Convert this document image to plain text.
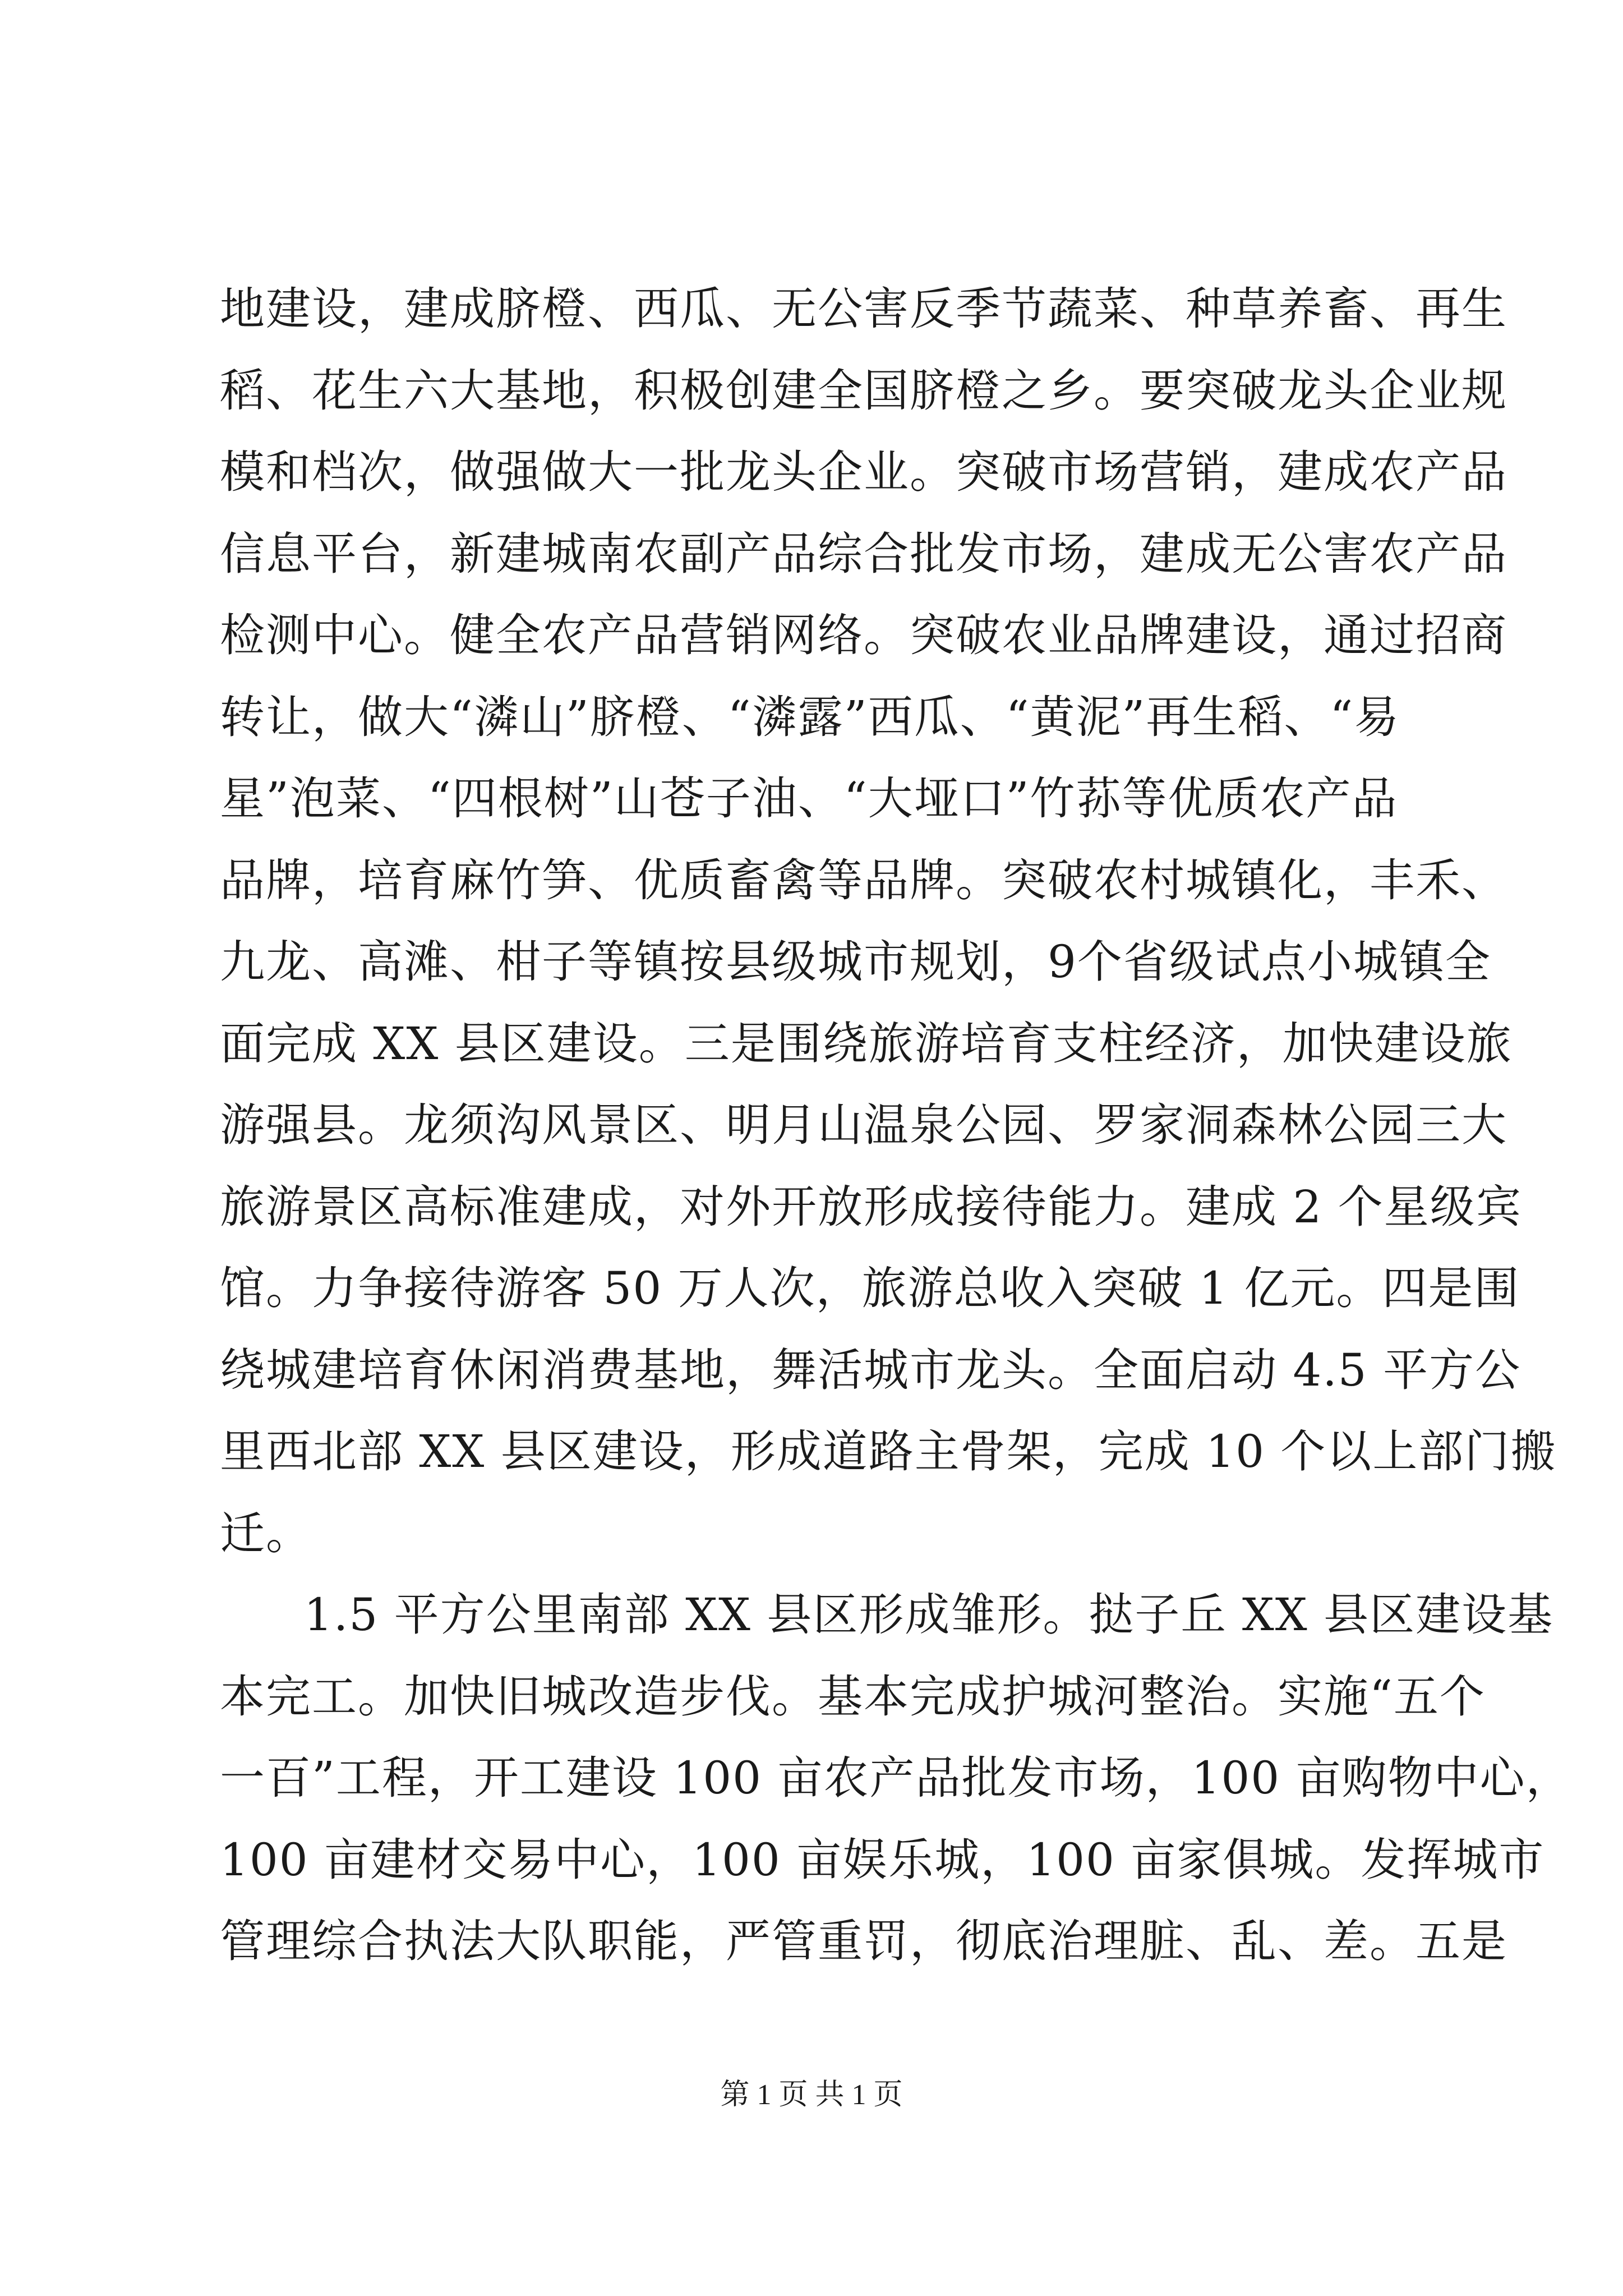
地建设，建成脐橙、西瓜、无公害反季节蔬菜、种草养畜、再生
稻、花生六大基地，积极创建全国脐橙之乡。要突破龙头企业规
模和档次，做强做大一批龙头企业。突破市场营销，建成农产品
信息平台，新建城南农副产品综合批发市场，建成无公害农产品
检测中心。健全农产品营销网络。突破农业品牌建设，通过招商
转让，做大“潾山”脐橙、“潾露”西瓜、“黄泥”再生稻、“易
星”泡菜、“四根树”山苍子油、“大垭口”竹荪等优质农产品
品牌，培育麻竹笋、优质畜禽等品牌。突破农村城镇化，丰禾、
九龙、高滩、柑子等镇按县级城市规划，9个省级试点小城镇全
面完成 XX 县区建设。三是围绕旅游培育支柱经济，加快建设旅
游强县。龙须沟风景区、明月山温泉公园、罗家洞森林公园三大
旅游景区高标准建成，对外开放形成接待能力。建成 2 个星级宾
馆。力争接待游客 50 万人次，旅游总收入突破 1 亿元。四是围
绕城建培育休闲消费基地，舞活城市龙头。全面启动 4.5 平方公
里西北部 XX 县区建设，形成道路主骨架，完成 10 个以上部门搬
迁。
1.5 平方公里南部 XX 县区形成雏形。挞子丘 XX 县区建设基
本完工。加快旧城改造步伐。基本完成护城河整治。实施“五个
一百”工程，开工建设 100 亩农产品批发市场，100 亩购物中心，
100 亩建材交易中心，100 亩娱乐城，100 亩家俱城。发挥城市
管理综合执法大队职能，严管重罚，彻底治理脏、乱、差。五是
第 1 页 共 1 页
